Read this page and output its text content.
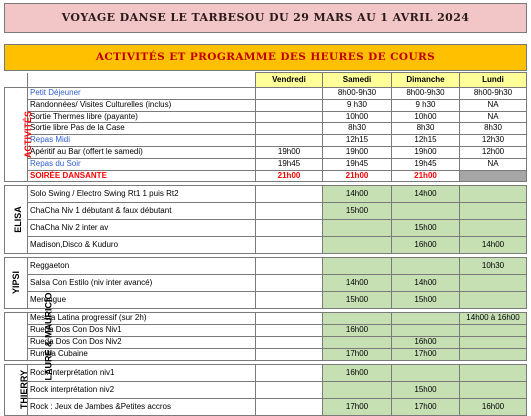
VOYAGE DANSE LE TARBESOU DU 29 MARS AU 1 AVRIL 2024
ACTIVITÉS ET PROGRAMME DES HEURES DE COURS
		Vendredi	Samedi	Dimanche	Lundi
ACTIVITÉS	Petit Déjeuner		8h00-9h30	8h00-9h30	8h00-9h30
	Randonnées/ Visites Culturelles (inclus)		9 h30	9 h30	NA
	Sortie Thermes libre (payante)		10h00	10h00	NA
	Sortie libre Pas de la Case		8h30	8h30	8h30
	Repas Midi		12h15	12h15	12h30
	Apéritif au Bar (offert le samedi)	19h00	19h00	19h00	12h00
	Repas du Soir	19h45	19h45	19h45	NA
	SOIRÉE DANSANTE	21h00	21h00	21h00	

ELISA	Solo Swing / Electro Swing Rt1 1 puis Rt2		14h00	14h00	
	ChaCha Niv 1 débutant & faux débutant		15h00		
	ChaCha Niv 2 inter av			15h00	
	Madison,Disco & Kuduro			16h00	14h00

YIPSI	Reggaeton				10h30
	Salsa Con Estilo (niv inter avancé)		14h00	14h00	
	Merengue		15h00	15h00	

LAURE & MAURICIO	Mescla Latina progressif (sur 2h)				14h00 à 16h00
	Rueda Dos Con Dos Niv1		16h00		
	Rueda Dos Con Dos Niv2			16h00	
	Rumba Cubaine		17h00	17h00	

THIERRY	Rock Interprétation niv1		16h00		
	Rock interprétation niv2			15h00	
	Rock : Jeux de Jambes &Petites accros		17h00	17h00	16h00
